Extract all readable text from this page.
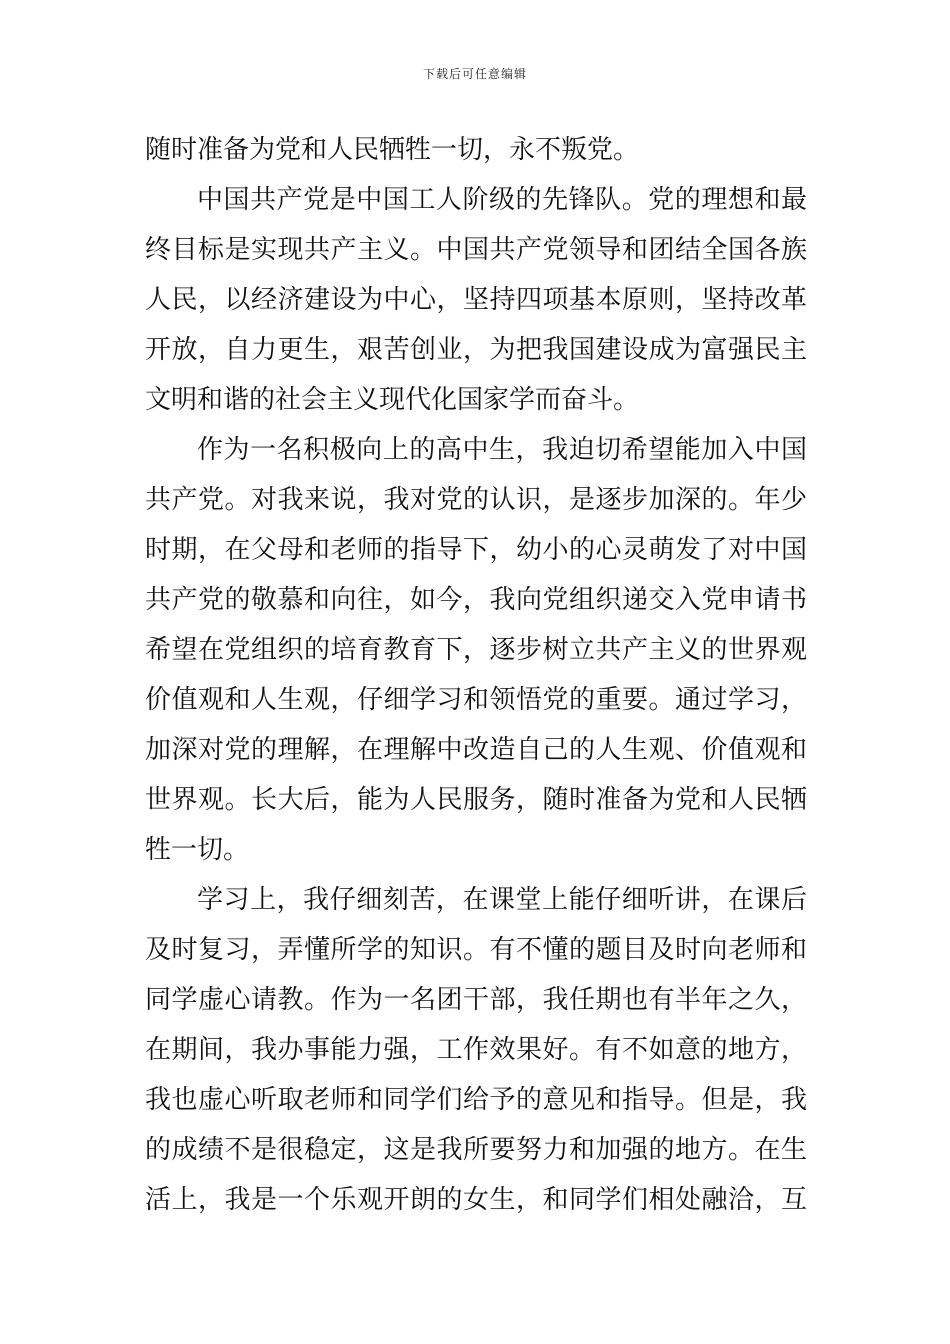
下载后可任意编辑
随时准备为党和人民牺牲一切，永不叛党。
中国共产党是中国工人阶级的先锋队。党的理想和最
终目标是实现共产主义。中国共产党领导和团结全国各族
人民，以经济建设为中心，坚持四项基本原则，坚持改革
开放，自力更生，艰苦创业，为把我国建设成为富强民主
文明和谐的社会主义现代化国家学而奋斗。
作为一名积极向上的高中生，我迫切希望能加入中国
共产党。对我来说，我对党的认识，是逐步加深的。年少
时期，在父母和老师的指导下，幼小的心灵萌发了对中国
共产党的敬慕和向往，如今，我向党组织递交入党申请书
希望在党组织的培育教育下，逐步树立共产主义的世界观
价值观和人生观，仔细学习和领悟党的重要。通过学习，
加深对党的理解，在理解中改造自己的人生观、价值观和
世界观。长大后，能为人民服务，随时准备为党和人民牺
牲一切。
学习上，我仔细刻苦，在课堂上能仔细听讲，在课后
及时复习，弄懂所学的知识。有不懂的题目及时向老师和
同学虚心请教。作为一名团干部，我任期也有半年之久，
在期间，我办事能力强，工作效果好。有不如意的地方，
我也虚心听取老师和同学们给予的意见和指导。但是，我
的成绩不是很稳定，这是我所要努力和加强的地方。在生
活上，我是一个乐观开朗的女生，和同学们相处融洽，互
